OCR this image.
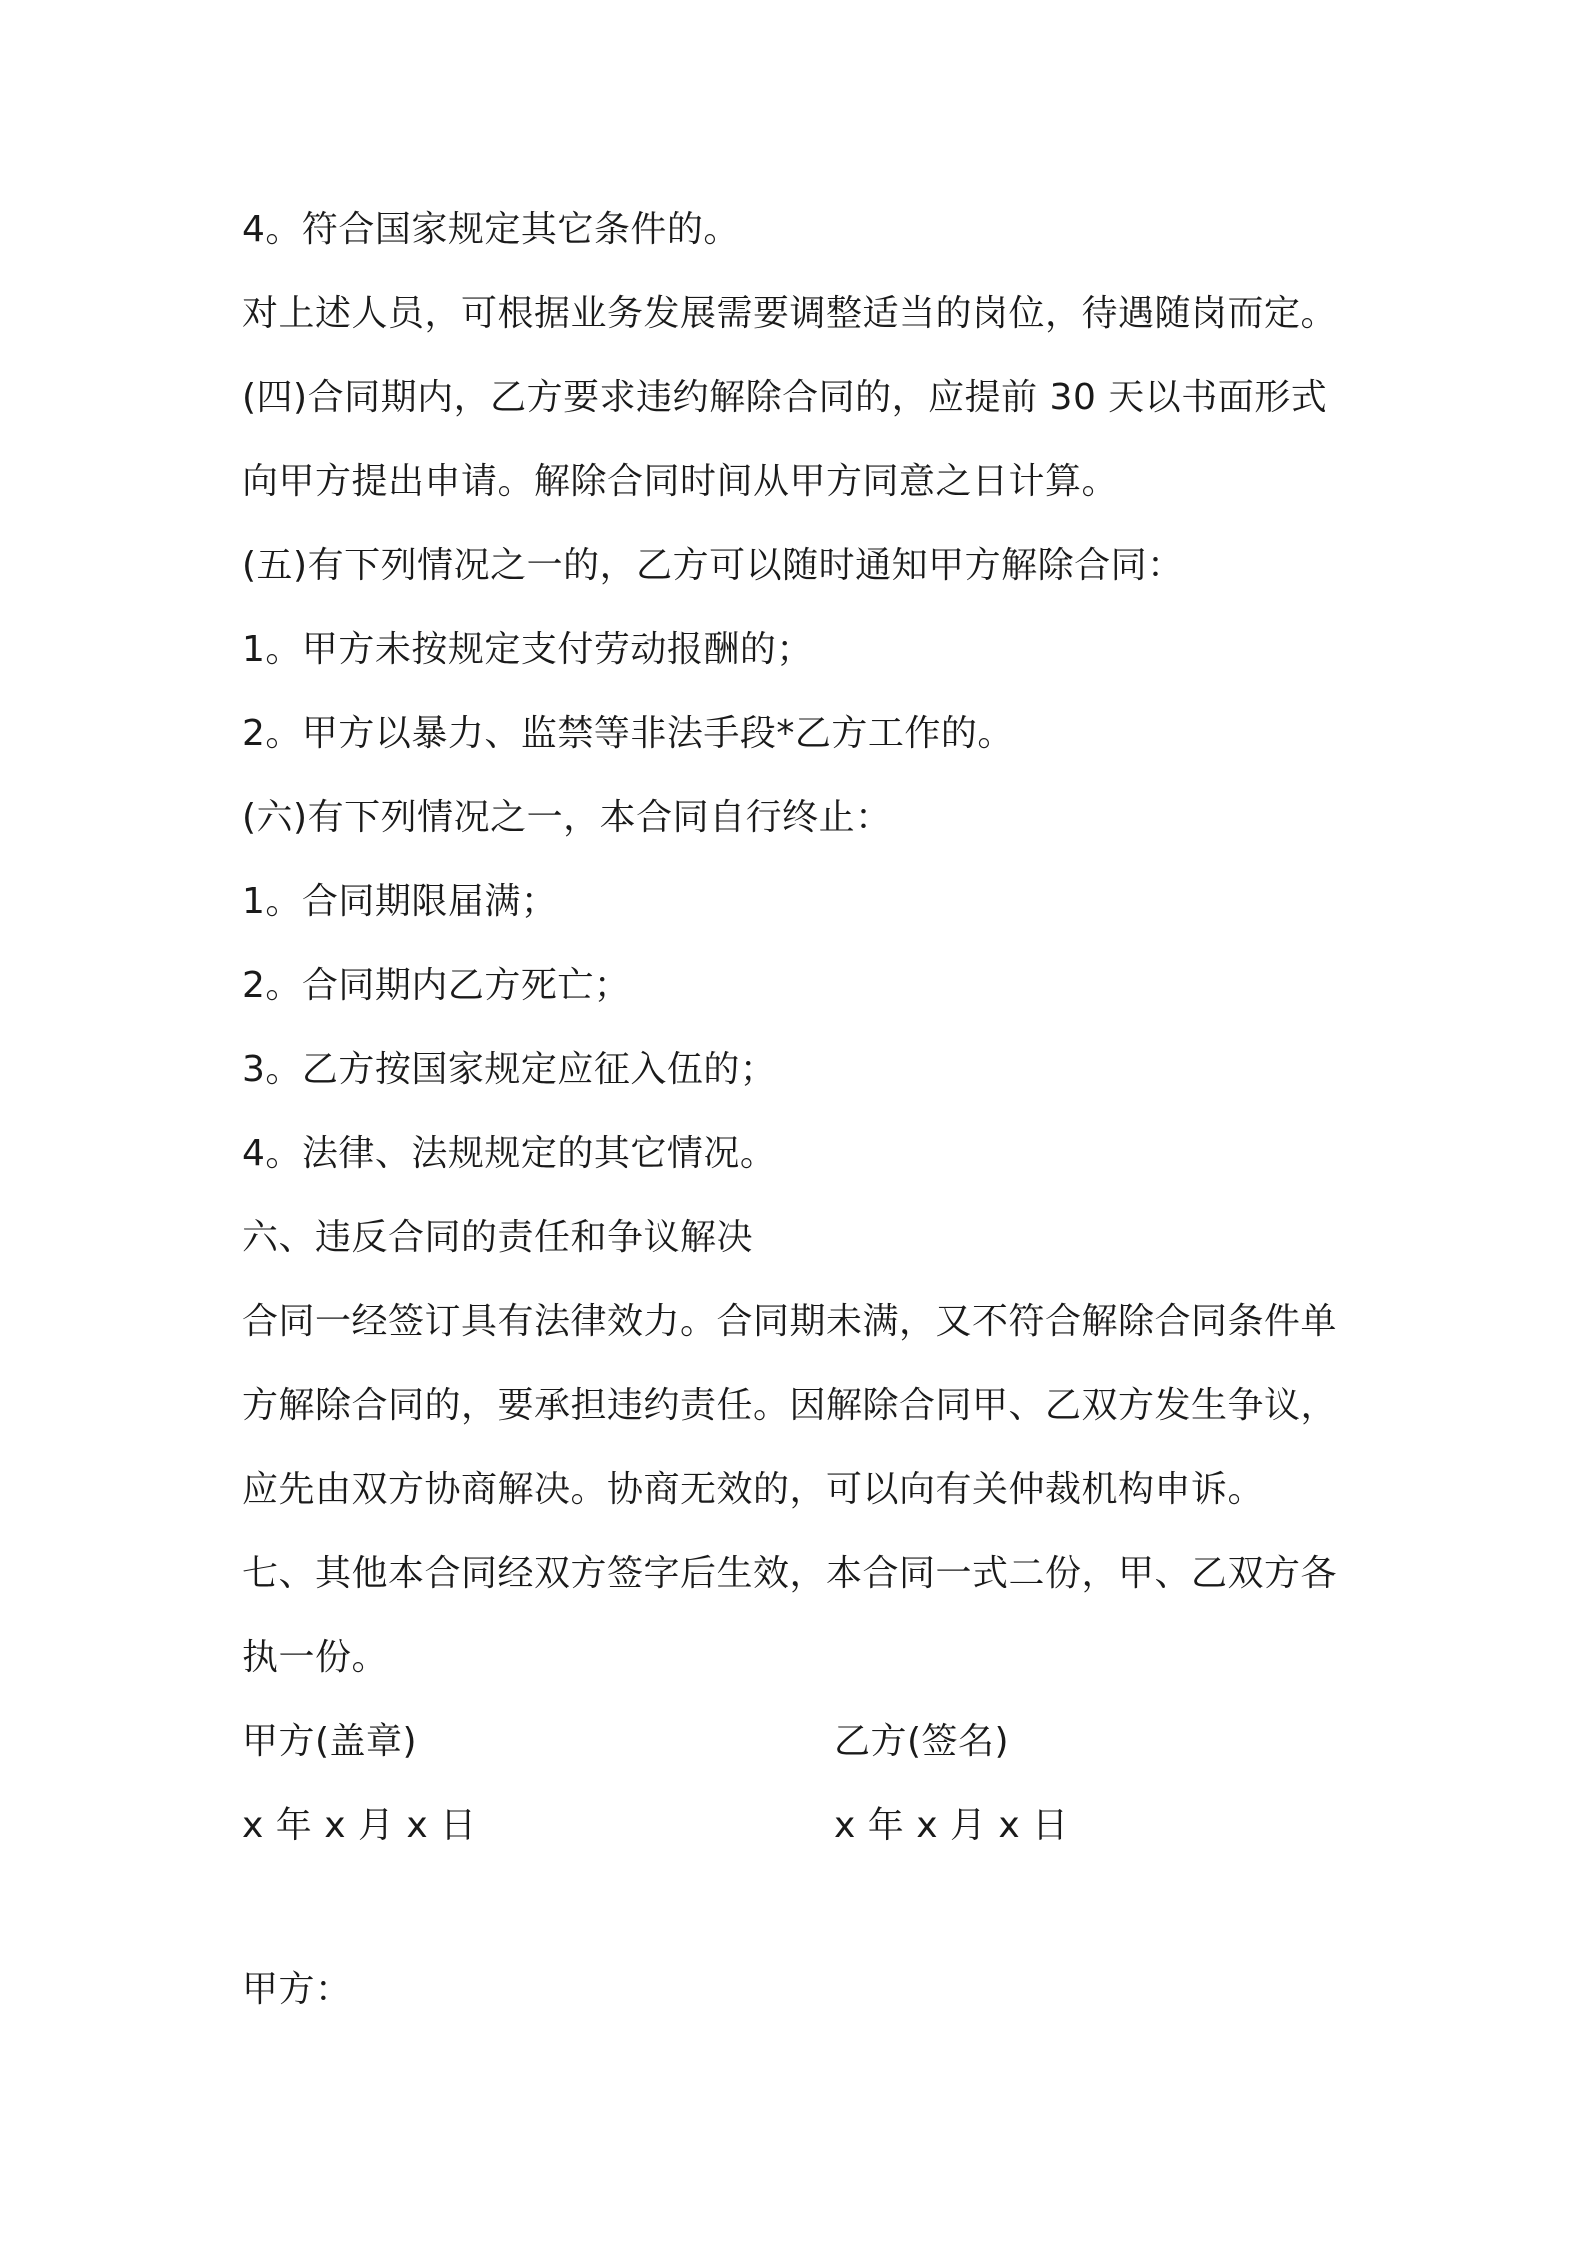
4。符合国家规定其它条件的。
对上述人员，可根据业务发展需要调整适当的岗位，待遇随岗而定。
(四)合同期内，乙方要求违约解除合同的，应提前 30 天以书面形式
向甲方提出申请。解除合同时间从甲方同意之日计算。
(五)有下列情况之一的，乙方可以随时通知甲方解除合同：
1。甲方未按规定支付劳动报酬的；
2。甲方以暴力、监禁等非法手段*乙方工作的。
(六)有下列情况之一，本合同自行终止：
1。合同期限届满；
2。合同期内乙方死亡；
3。乙方按国家规定应征入伍的；
4。法律、法规规定的其它情况。
六、违反合同的责任和争议解决
合同一经签订具有法律效力。合同期未满，又不符合解除合同条件单
方解除合同的，要承担违约责任。因解除合同甲、乙双方发生争议，
应先由双方协商解决。协商无效的，可以向有关仲裁机构申诉。
七、其他本合同经双方签字后生效，本合同一式二份，甲、乙双方各
执一份。
甲方(盖章)	乙方(签名)
x 年 x 月 x 日	x 年 x 月 x 日
甲方：
